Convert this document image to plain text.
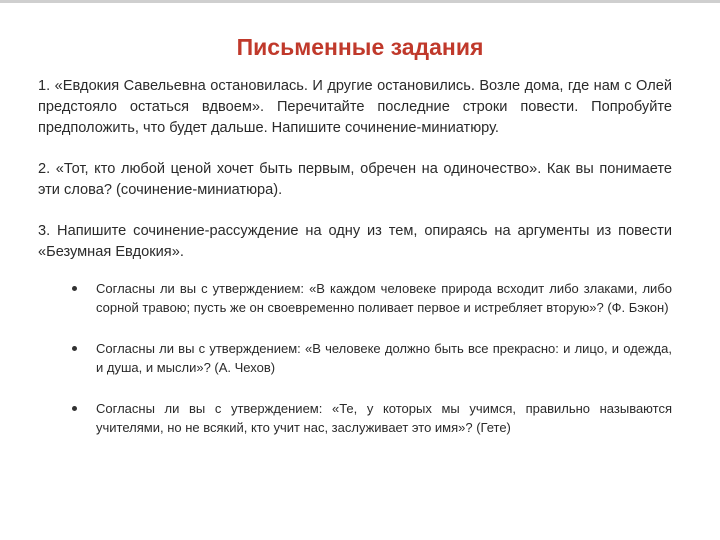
Письменные задания

1. «Евдокия Савельевна остановилась. И другие остановились. Возле дома, где нам с Олей предстояло остаться вдвоем». Перечитайте последние строки повести. Попробуйте предположить, что будет дальше. Напишите сочинение-миниатюру.

2. «Тот, кто любой ценой хочет быть первым, обречен на одиночество». Как вы понимаете эти слова? (сочинение-миниатюра).

3. Напишите сочинение-рассуждение на одну из тем, опираясь на аргументы из повести «Безумная Евдокия».

Согласны ли вы с утверждением: «В каждом человеке природа всходит либо злаками, либо сорной травою; пусть же он своевременно поливает первое и истребляет вторую»? (Ф. Бэкон)
Согласны ли вы с утверждением: «В человеке должно быть все прекрасно: и лицо, и одежда, и душа, и мысли»? (А. Чехов)
Согласны ли вы с утверждением: «Те, у которых мы учимся, правильно называются учителями, но не всякий, кто учит нас, заслуживает это имя»? (Гете)
